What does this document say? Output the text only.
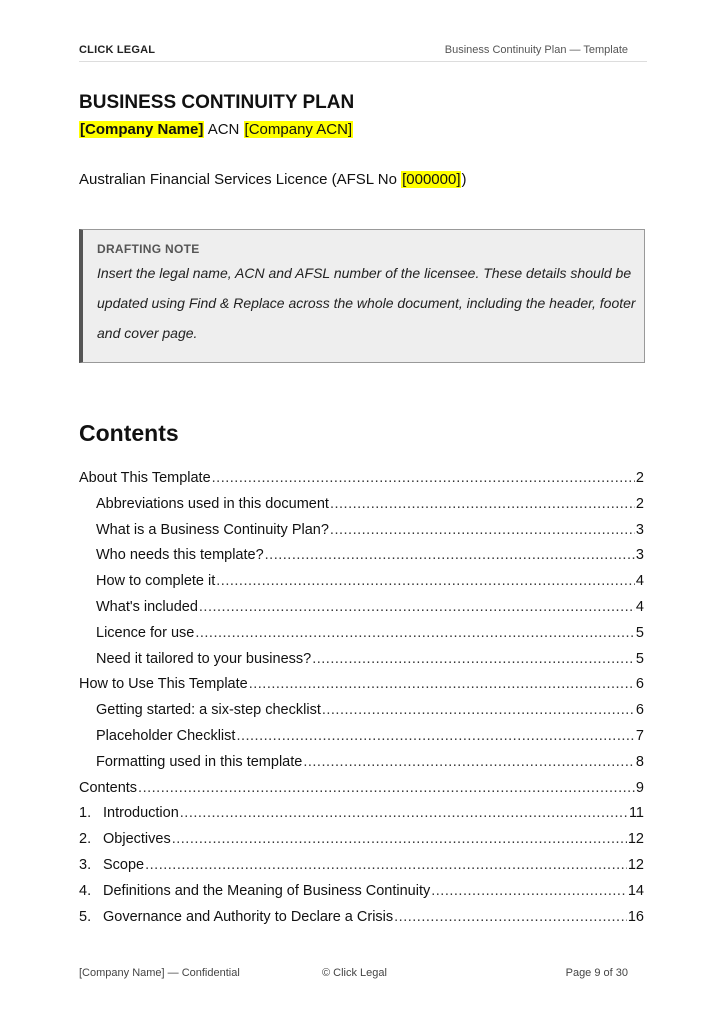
CLICK LEGAL	Business Continuity Plan — Template
BUSINESS CONTINUITY PLAN
[Company Name] ACN [Company ACN]
Australian Financial Services Licence (AFSL No [000000])
DRAFTING NOTE
Insert the legal name, ACN and AFSL number of the licensee. These details should be updated using Find & Replace across the whole document, including the header, footer and cover page.
Contents
About This Template .....	2
Abbreviations used in this document .....	2
What is a Business Continuity Plan? .....	3
Who needs this template? .....	3
How to complete it .....	4
What's included .....	4
Licence for use .....	5
Need it tailored to your business? .....	5
How to Use This Template .....	6
Getting started: a six-step checklist .....	6
Placeholder Checklist .....	7
Formatting used in this template .....	8
Contents .....	9
1. Introduction .....	11
2. Objectives .....	12
3. Scope .....	12
4. Definitions and the Meaning of Business Continuity .....	14
5. Governance and Authority to Declare a Crisis .....	16
[Company Name] — Confidential	© Click Legal	Page 9 of 30
